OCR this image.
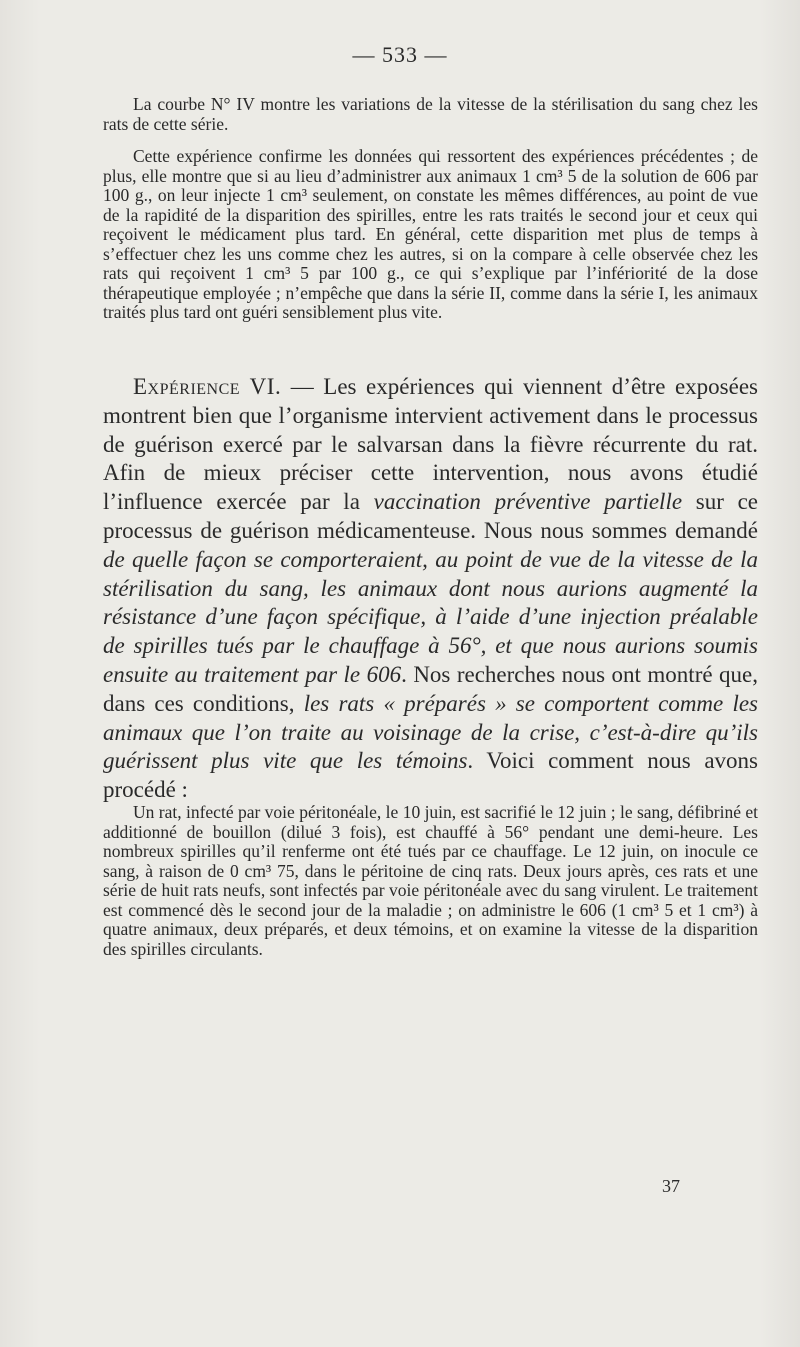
— 533 —

La courbe N° IV montre les variations de la vitesse de la stérilisation du sang chez les rats de cette série.

Cette expérience confirme les données qui ressortent des expériences précédentes ; de plus, elle montre que si au lieu d’administrer aux animaux 1 cm³ 5 de la solution de 606 par 100 g., on leur injecte 1 cm³ seulement, on constate les mêmes différences, au point de vue de la rapidité de la disparition des spirilles, entre les rats traités le second jour et ceux qui reçoivent le médicament plus tard. En général, cette disparition met plus de temps à s’effectuer chez les uns comme chez les autres, si on la compare à celle observée chez les rats qui reçoivent 1 cm³ 5 par 100 g., ce qui s’explique par l’infériorité de la dose thérapeutique employée ; n’empêche que dans la série II, comme dans la série I, les animaux traités plus tard ont guéri sensiblement plus vite.

Expérience VI. — Les expériences qui viennent d’être exposées montrent bien que l’organisme intervient activement dans le processus de guérison exercé par le salvarsan dans la fièvre récurrente du rat. Afin de mieux préciser cette intervention, nous avons étudié l’influence exercée par la vaccination préventive partielle sur ce processus de guérison médicamenteuse. Nous nous sommes demandé de quelle façon se comporteraient, au point de vue de la vitesse de la stérilisation du sang, les animaux dont nous aurions augmenté la résistance d’une façon spécifique, à l’aide d’une injection préalable de spirilles tués par le chauffage à 56°, et que nous aurions soumis ensuite au traitement par le 606. Nos recherches nous ont montré que, dans ces conditions, les rats « préparés » se comportent comme les animaux que l’on traite au voisinage de la crise, c’est-à-dire qu’ils guérissent plus vite que les témoins. Voici comment nous avons procédé :

Un rat, infecté par voie péritonéale, le 10 juin, est sacrifié le 12 juin ; le sang, défibriné et additionné de bouillon (dilué 3 fois), est chauffé à 56° pendant une demi-heure. Les nombreux spirilles qu’il renferme ont été tués par ce chauffage. Le 12 juin, on inocule ce sang, à raison de 0 cm³ 75, dans le péritoine de cinq rats. Deux jours après, ces rats et une série de huit rats neufs, sont infectés par voie péritonéale avec du sang virulent. Le traitement est commencé dès le second jour de la maladie ; on administre le 606 (1 cm³ 5 et 1 cm³) à quatre animaux, deux préparés, et deux témoins, et on examine la vitesse de la disparition des spirilles circulants.

37
